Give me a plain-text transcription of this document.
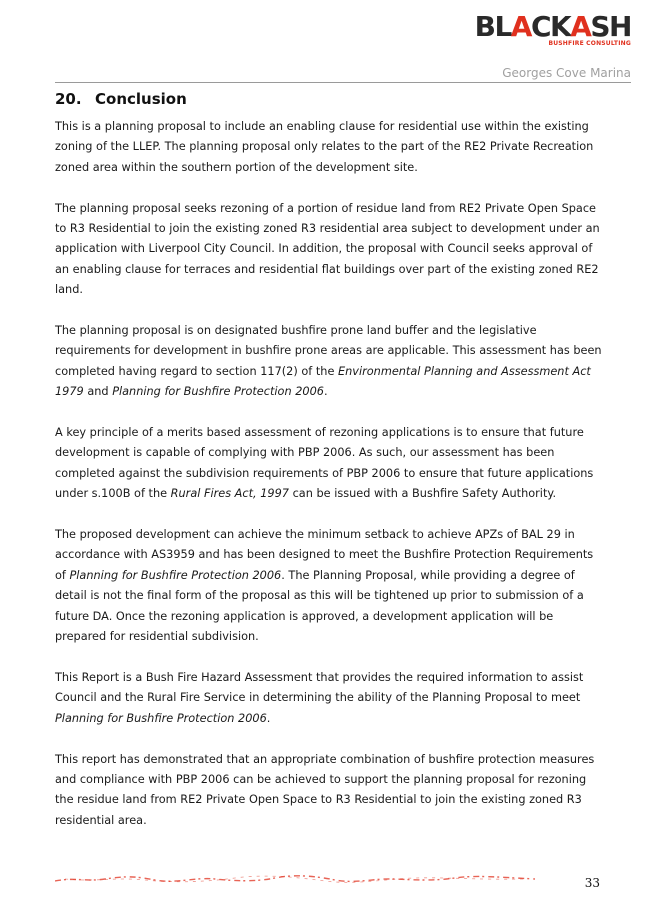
BLACKASH
BUSHFIRE CONSULTING
Georges Cove Marina
20. Conclusion

This is a planning proposal to include an enabling clause for residential use within the existing zoning of the LLEP. The planning proposal only relates to the part of the RE2 Private Recreation zoned area within the southern portion of the development site.

The planning proposal seeks rezoning of a portion of residue land from RE2 Private Open Space to R3 Residential to join the existing zoned R3 residential area subject to development under an application with Liverpool City Council. In addition, the proposal with Council seeks approval of an enabling clause for terraces and residential flat buildings over part of the existing zoned RE2 land.

The planning proposal is on designated bushfire prone land buffer and the legislative requirements for development in bushfire prone areas are applicable. This assessment has been completed having regard to section 117(2) of the Environmental Planning and Assessment Act 1979 and Planning for Bushfire Protection 2006.

A key principle of a merits based assessment of rezoning applications is to ensure that future development is capable of complying with PBP 2006. As such, our assessment has been completed against the subdivision requirements of PBP 2006 to ensure that future applications under s.100B of the Rural Fires Act, 1997 can be issued with a Bushfire Safety Authority.

The proposed development can achieve the minimum setback to achieve APZs of BAL 29 in accordance with AS3959 and has been designed to meet the Bushfire Protection Requirements of Planning for Bushfire Protection 2006. The Planning Proposal, while providing a degree of detail is not the final form of the proposal as this will be tightened up prior to submission of a future DA. Once the rezoning application is approved, a development application will be prepared for residential subdivision.

This Report is a Bush Fire Hazard Assessment that provides the required information to assist Council and the Rural Fire Service in determining the ability of the Planning Proposal to meet Planning for Bushfire Protection 2006.

This report has demonstrated that an appropriate combination of bushfire protection measures and compliance with PBP 2006 can be achieved to support the planning proposal for rezoning the residue land from RE2 Private Open Space to R3 Residential to join the existing zoned R3 residential area.

33
